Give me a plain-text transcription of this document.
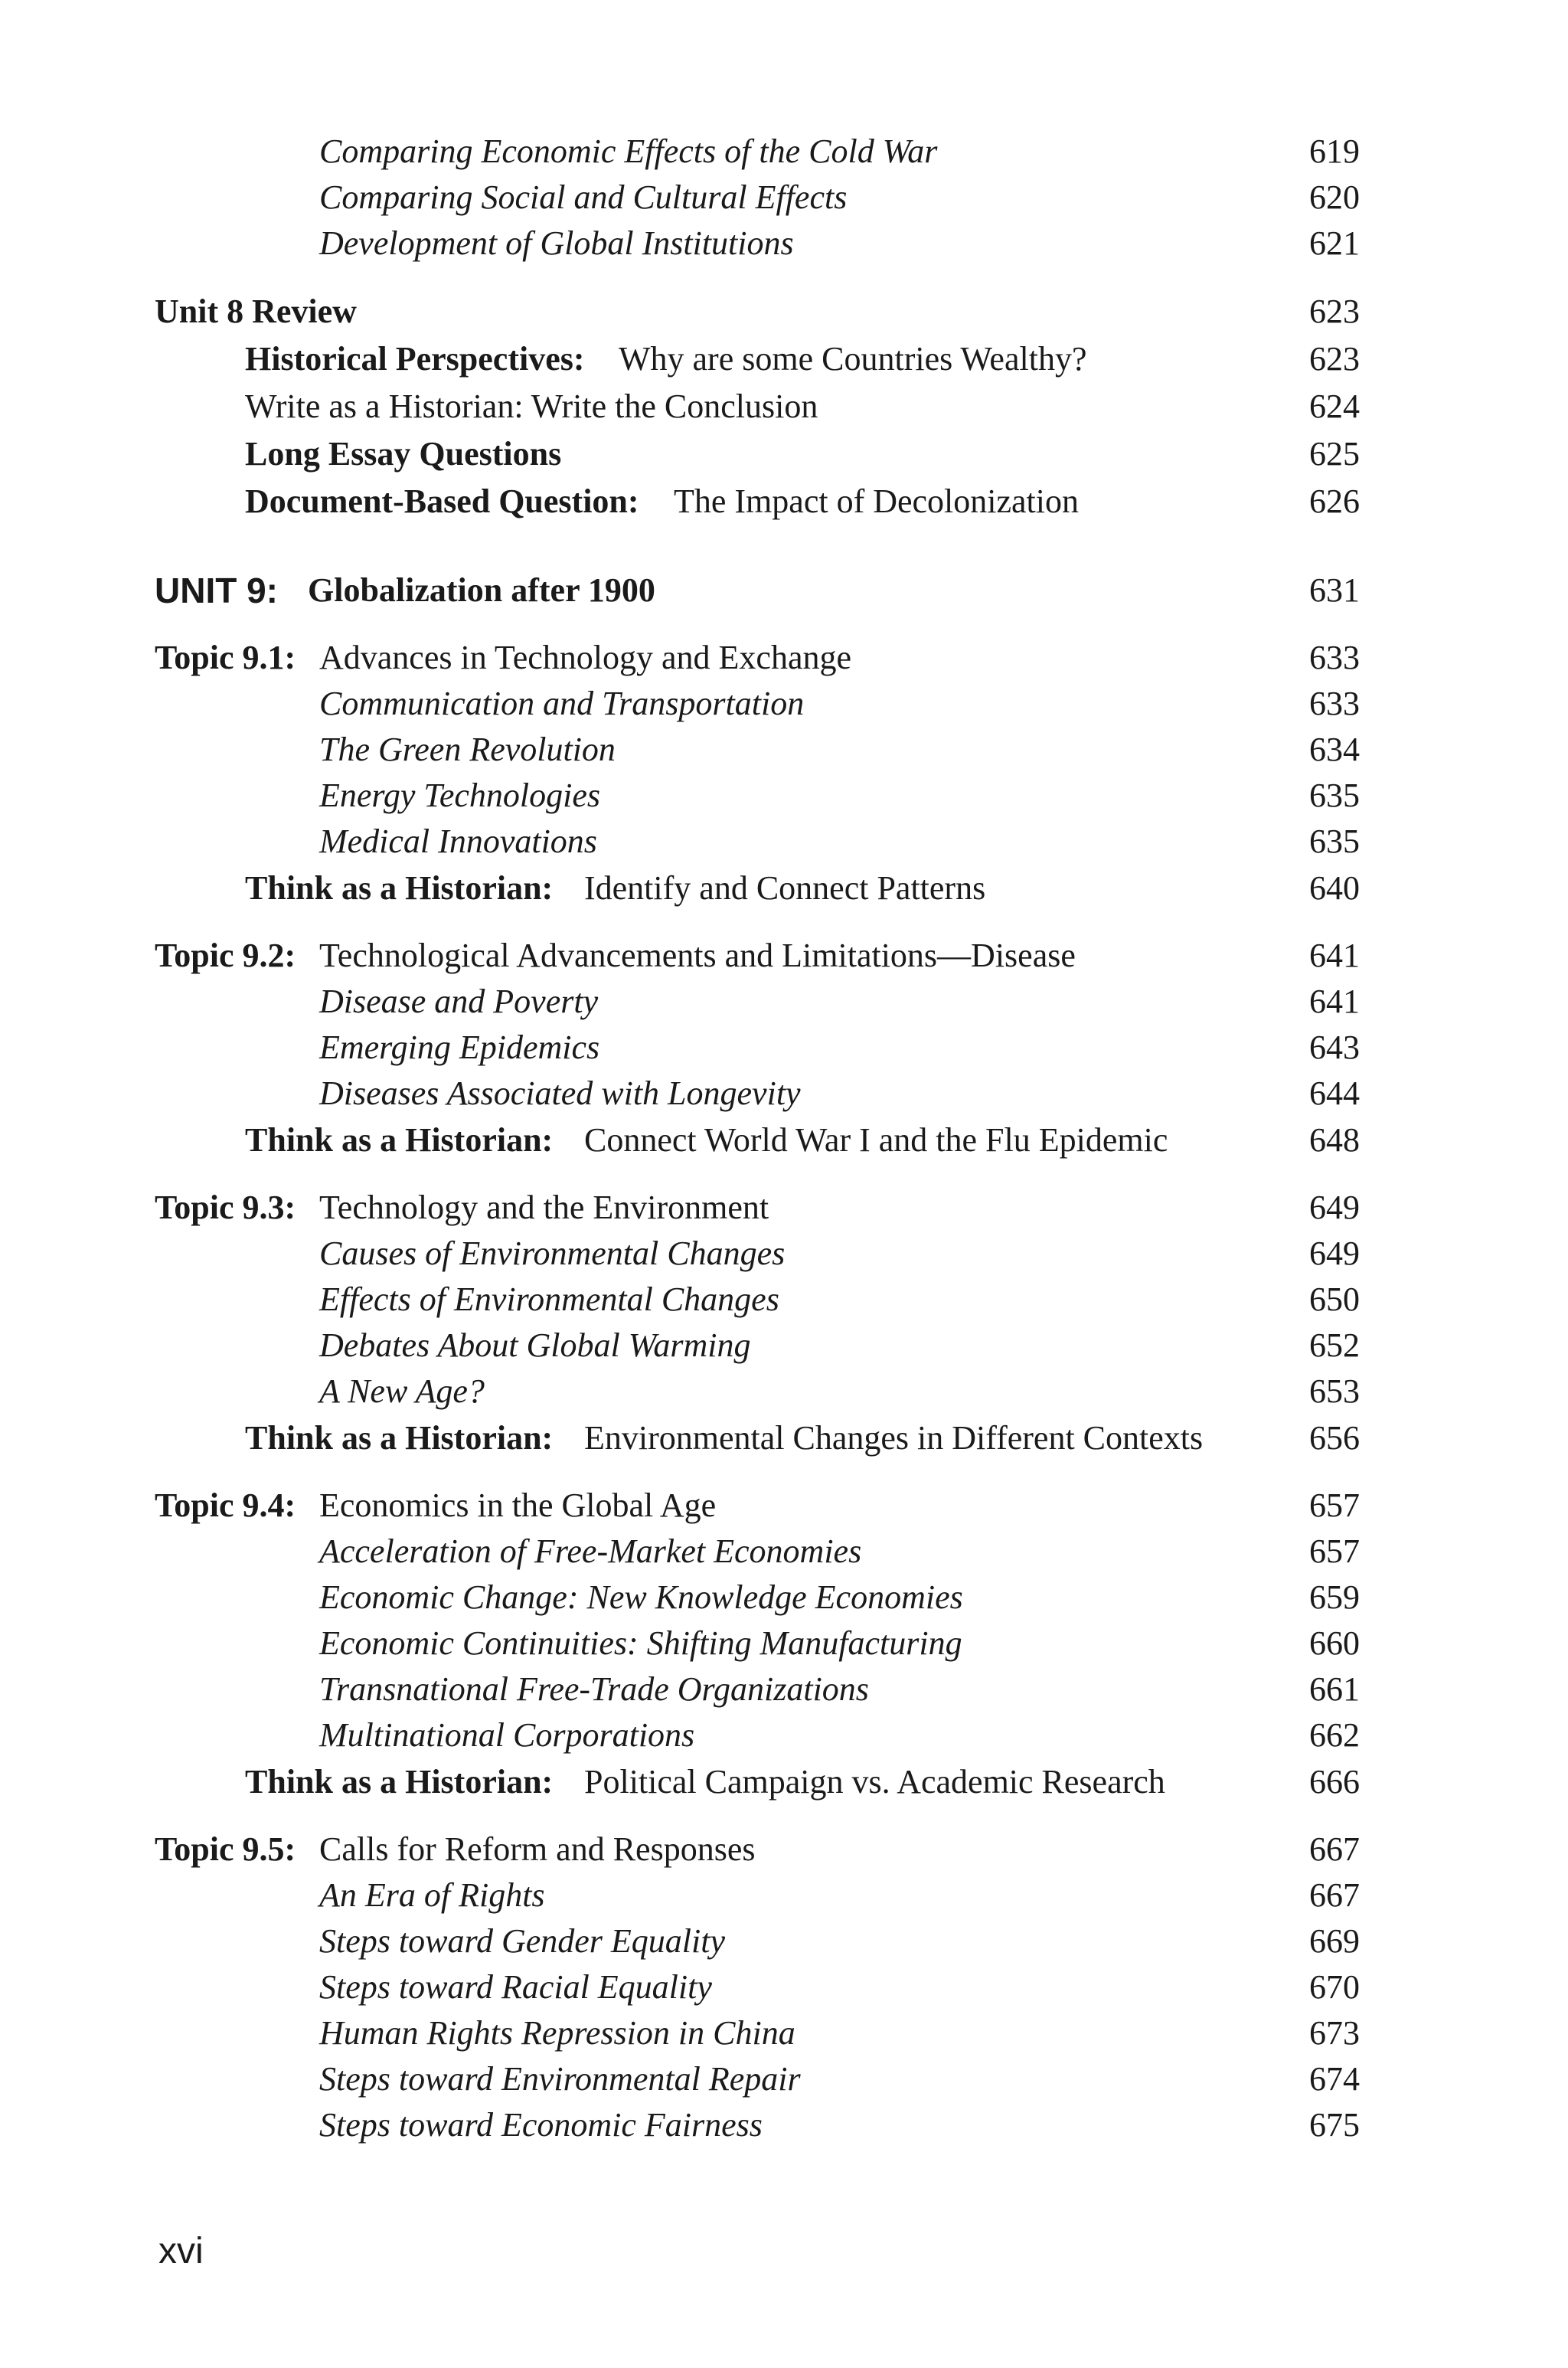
Comparing Economic Effects of the Cold War	619
Comparing Social and Cultural Effects	620
Development of Global Institutions	621
Unit 8 Review	623
Historical Perspectives: Why are some Countries Wealthy?	623
Write as a Historian: Write the Conclusion	624
Long Essay Questions	625
Document-Based Question: The Impact of Decolonization	626
UNIT 9: Globalization after 1900	631
Topic 9.1: Advances in Technology and Exchange	633
Communication and Transportation	633
The Green Revolution	634
Energy Technologies	635
Medical Innovations	635
Think as a Historian: Identify and Connect Patterns	640
Topic 9.2: Technological Advancements and Limitations—Disease	641
Disease and Poverty	641
Emerging Epidemics	643
Diseases Associated with Longevity	644
Think as a Historian: Connect World War I and the Flu Epidemic	648
Topic 9.3: Technology and the Environment	649
Causes of Environmental Changes	649
Effects of Environmental Changes	650
Debates About Global Warming	652
A New Age?	653
Think as a Historian: Environmental Changes in Different Contexts	656
Topic 9.4: Economics in the Global Age	657
Acceleration of Free-Market Economies	657
Economic Change: New Knowledge Economies	659
Economic Continuities: Shifting Manufacturing	660
Transnational Free-Trade Organizations	661
Multinational Corporations	662
Think as a Historian: Political Campaign vs. Academic Research	666
Topic 9.5: Calls for Reform and Responses	667
An Era of Rights	667
Steps toward Gender Equality	669
Steps toward Racial Equality	670
Human Rights Repression in China	673
Steps toward Environmental Repair	674
Steps toward Economic Fairness	675
xvi
